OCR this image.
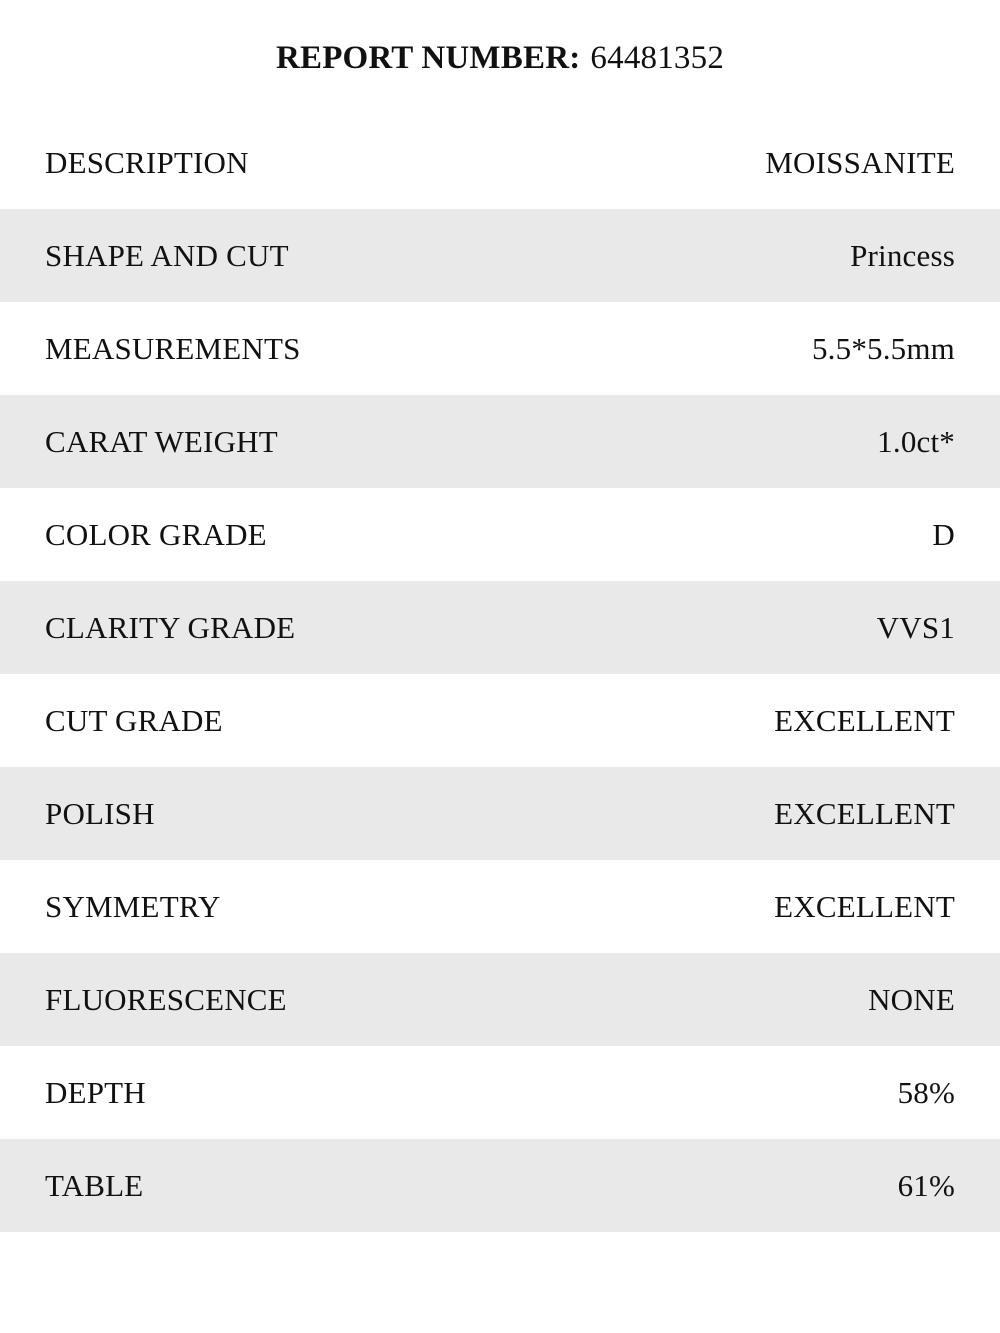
REPORT NUMBER: 64481352
DESCRIPTION	MOISSANITE
SHAPE AND CUT	Princess
MEASUREMENTS	5.5*5.5mm
CARAT WEIGHT	1.0ct*
COLOR GRADE	D
CLARITY GRADE	VVS1
CUT GRADE	EXCELLENT
POLISH	EXCELLENT
SYMMETRY	EXCELLENT
FLUORESCENCE	NONE
DEPTH	58%
TABLE	61%
